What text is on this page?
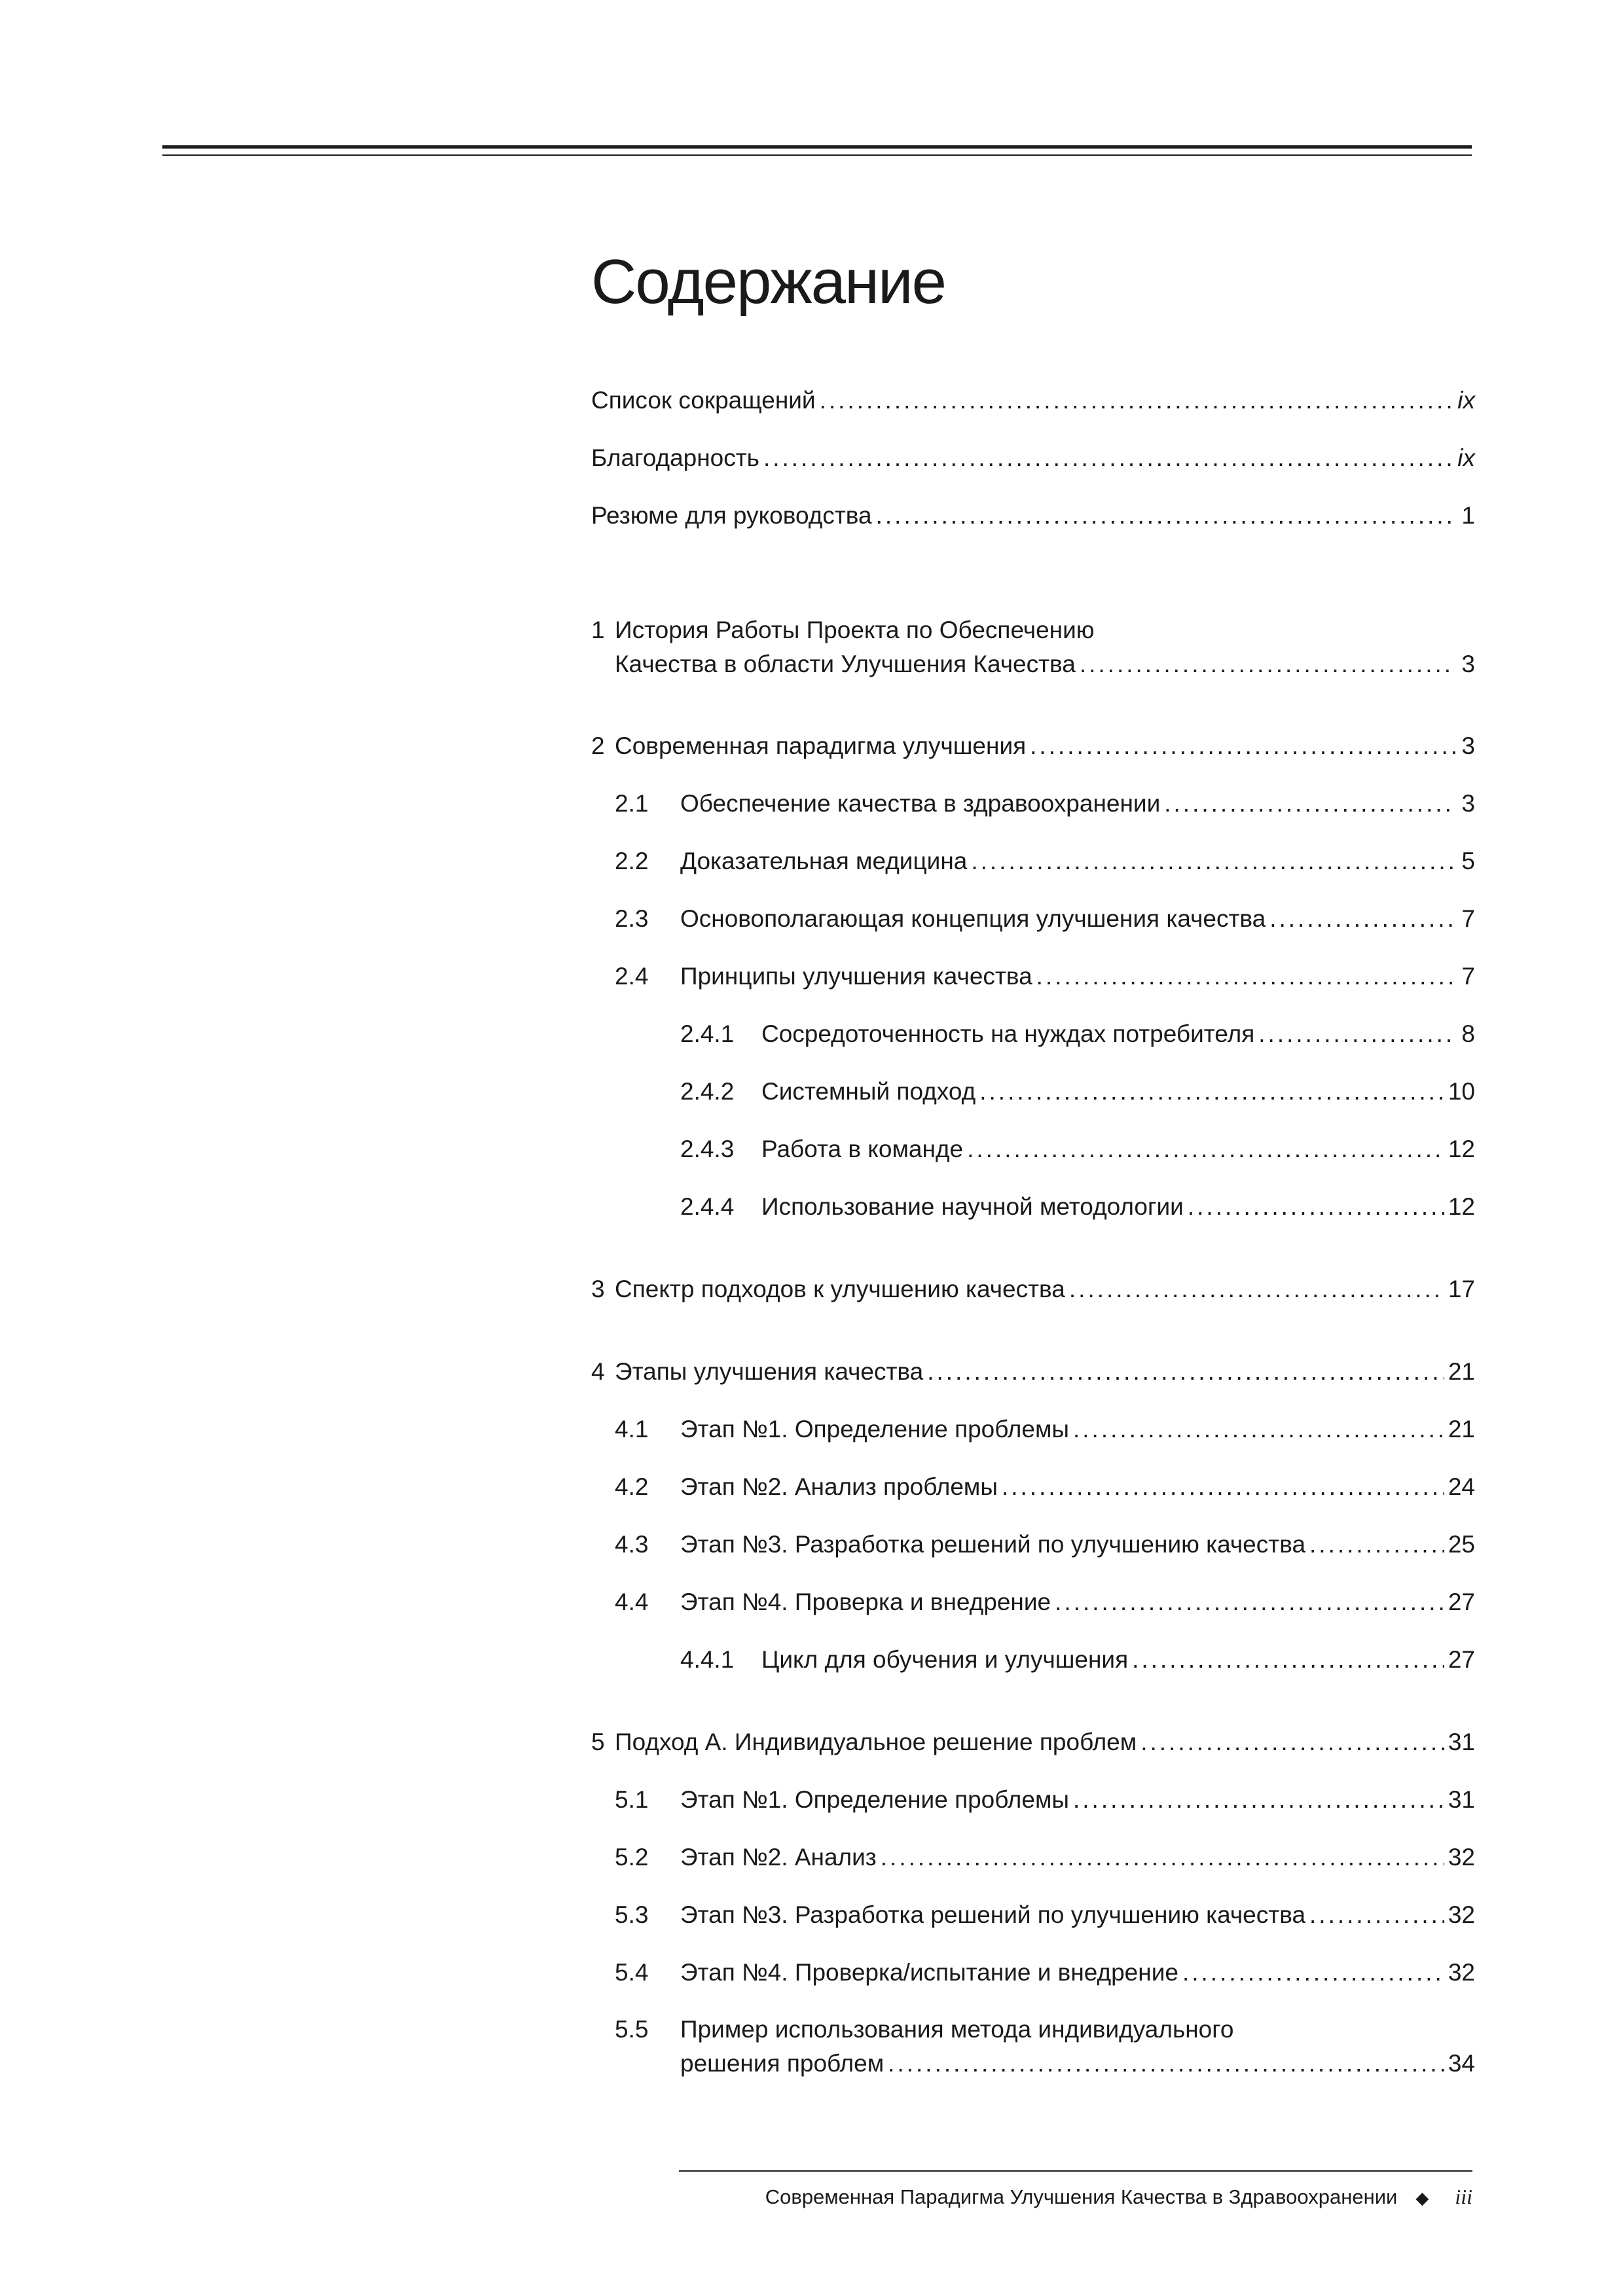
Содержание
Список сокращений .....	ix
Благодарность .....	ix
Резюме для руководства .....	1
1 История Работы Проекта по Обеспечению
Качества в области Улучшения Качества .....	3
2 Современная парадигма улучшения .....	3
2.1	Обеспечение качества в здравоохранении .....	3
2.2	Доказательная медицина .....	5
2.3	Основополагающая концепция улучшения качества .....	7
2.4	Принципы улучшения качества .....	7
2.4.1	Сосредоточенность на нуждах потребителя .....	8
2.4.2	Системный подход .....	10
2.4.3	Работа в команде .....	12
2.4.4	Использование научной методологии .....	12
3 Спектр подходов к улучшению качества .....	17
4 Этапы улучшения качества .....	21
4.1	Этап №1. Определение проблемы .....	21
4.2	Этап №2. Анализ проблемы .....	24
4.3	Этап №3. Разработка решений по улучшению качества .....	25
4.4	Этап №4. Проверка и внедрение .....	27
4.4.1	Цикл для обучения и улучшения .....	27
5 Подход А. Индивидуальное решение проблем .....	31
5.1	Этап №1. Определение проблемы .....	31
5.2	Этап №2. Анализ .....	32
5.3	Этап №3. Разработка решений по улучшению качества .....	32
5.4	Этап №4. Проверка/испытание и внедрение .....	32
5.5 Пример использования метода индивидуального
решения проблем .....	34
Современная Парадигма Улучшения Качества в Здравоохранении ◆ iii
